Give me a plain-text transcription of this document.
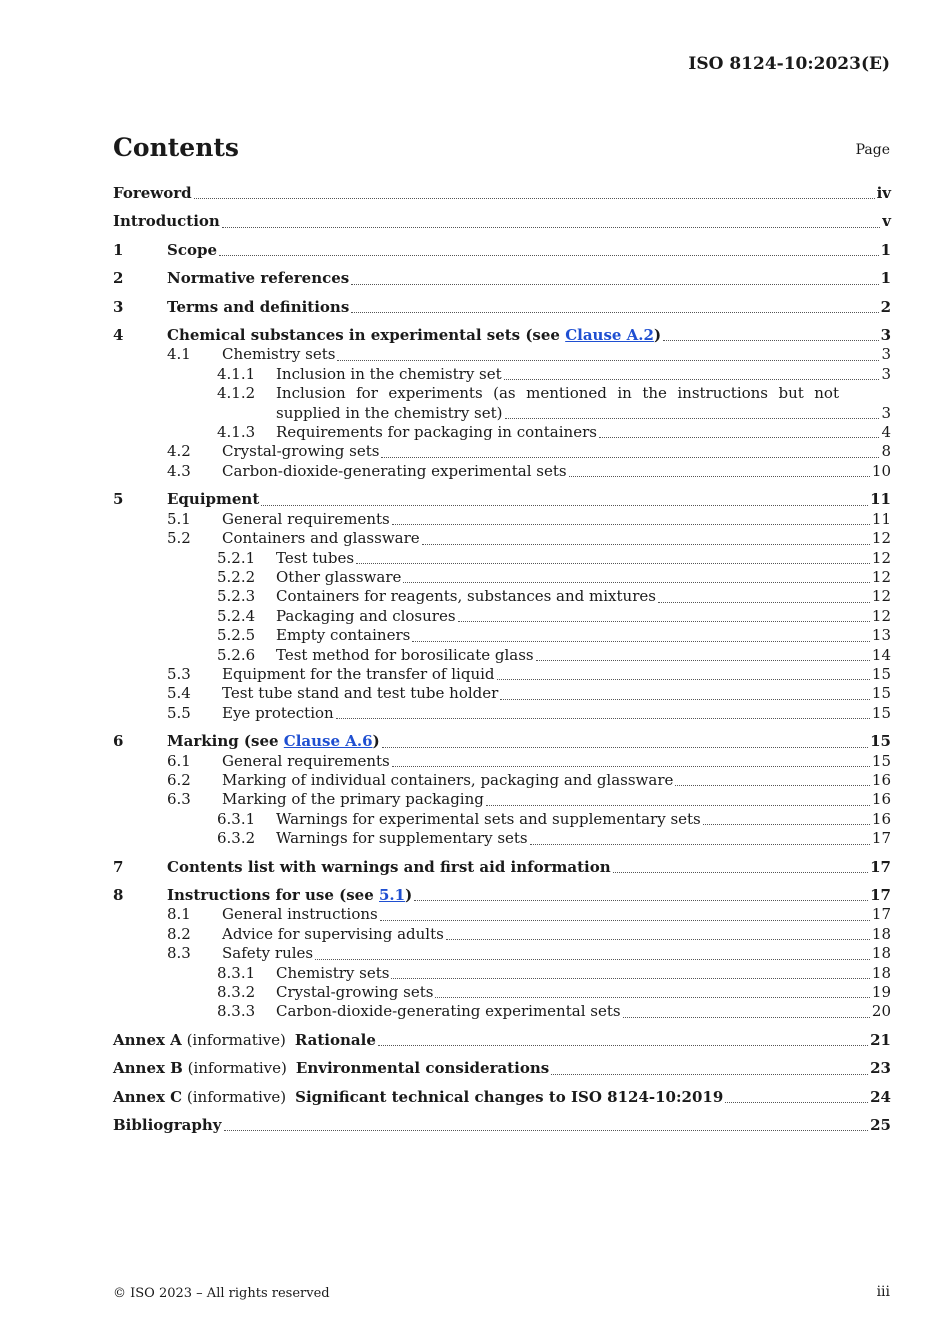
ISO 8124-10:2023(E)
Contents	Page
Foreword	iv
Introduction	v
1	Scope	1
2	Normative references	1
3	Terms and definitions	2
4	Chemical substances in experimental sets (see Clause A.2)	3
4.1 Chemistry sets	3
4.1.1 Inclusion in the chemistry set	3
4.1.2 Inclusion for experiments (as mentioned in the instructions but not
supplied in the chemistry set)	3
4.1.3 Requirements for packaging in containers	4
4.2 Crystal-growing sets	8
4.3 Carbon-dioxide-generating experimental sets	10
5	Equipment	11
5.1 General requirements	11
5.2 Containers and glassware	12
5.2.1 Test tubes	12
5.2.2 Other glassware	12
5.2.3 Containers for reagents, substances and mixtures	12
5.2.4 Packaging and closures	12
5.2.5 Empty containers	13
5.2.6 Test method for borosilicate glass	14
5.3 Equipment for the transfer of liquid	15
5.4 Test tube stand and test tube holder	15
5.5 Eye protection	15
6	Marking (see Clause A.6)	15
6.1 General requirements	15
6.2 Marking of individual containers, packaging and glassware	16
6.3 Marking of the primary packaging	16
6.3.1 Warnings for experimental sets and supplementary sets	16
6.3.2 Warnings for supplementary sets	17
7	Contents list with warnings and first aid information	17
8	Instructions for use (see 5.1)	17
8.1 General instructions	17
8.2 Advice for supervising adults	18
8.3 Safety rules	18
8.3.1 Chemistry sets	18
8.3.2 Crystal-growing sets	19
8.3.3 Carbon-dioxide-generating experimental sets	20
Annex A (informative) Rationale	21
Annex B (informative) Environmental considerations	23
Annex C (informative) Significant technical changes to ISO 8124-10:2019	24
Bibliography	25
© ISO 2023 – All rights reserved	iii
